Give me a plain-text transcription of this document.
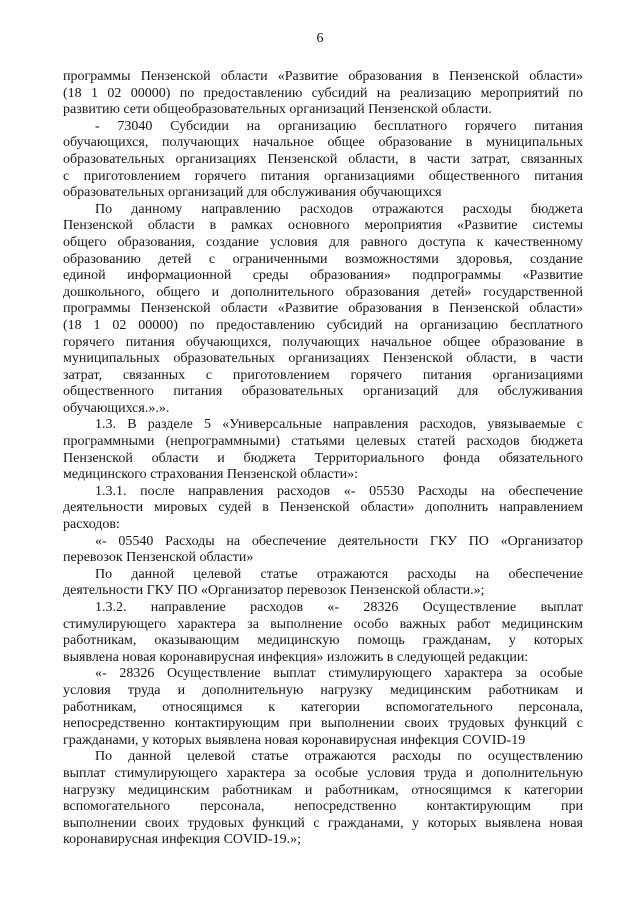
6
программы Пензенской области «Развитие образования в Пензенской области»
(18 1 02 00000) по предоставлению субсидий на реализацию мероприятий по
развитию сети общеобразовательных организаций Пензенской области.
- 73040 Субсидии на организацию бесплатного горячего питания
обучающихся, получающих начальное общее образование в муниципальных
образовательных организациях Пензенской области, в части затрат, связанных
с приготовлением горячего питания организациями общественного питания
образовательных организаций для обслуживания обучающихся
По данному направлению расходов отражаются расходы бюджета
Пензенской области в рамках основного мероприятия «Развитие системы
общего образования, создание условия для равного доступа к качественному
образованию детей с ограниченными возможностями здоровья, создание
единой информационной среды образования» подпрограммы «Развитие
дошкольного, общего и дополнительного образования детей» государственной
программы Пензенской области «Развитие образования в Пензенской области»
(18 1 02 00000) по предоставлению субсидий на организацию бесплатного
горячего питания обучающихся, получающих начальное общее образование в
муниципальных образовательных организациях Пензенской области, в части
затрат, связанных с приготовлением горячего питания организациями
общественного питания образовательных организаций для обслуживания
обучающихся.».».
1.3. В разделе 5 «Универсальные направления расходов, увязываемые с
программными (непрограммными) статьями целевых статей расходов бюджета
Пензенской области и бюджета Территориального фонда обязательного
медицинского страхования Пензенской области»:
1.3.1. после направления расходов «- 05530 Расходы на обеспечение
деятельности мировых судей в Пензенской области» дополнить направлением
расходов:
«- 05540 Расходы на обеспечение деятельности ГКУ ПО «Организатор
перевозок Пензенской области»
По данной целевой статье отражаются расходы на обеспечение
деятельности ГКУ ПО «Организатор перевозок Пензенской области.»;
1.3.2. направление расходов «- 28326 Осуществление выплат
стимулирующего характера за выполнение особо важных работ медицинским
работникам, оказывающим медицинскую помощь гражданам, у которых
выявлена новая коронавирусная инфекция» изложить в следующей редакции:
«- 28326 Осуществление выплат стимулирующего характера за особые
условия труда и дополнительную нагрузку медицинским работникам и
работникам, относящимся к категории вспомогательного персонала,
непосредственно контактирующим при выполнении своих трудовых функций с
гражданами, у которых выявлена новая коронавирусная инфекция COVID-19
По данной целевой статье отражаются расходы по осуществлению
выплат стимулирующего характера за особые условия труда и дополнительную
нагрузку медицинским работникам и работникам, относящимся к категории
вспомогательного персонала, непосредственно контактирующим при
выполнении своих трудовых функций с гражданами, у которых выявлена новая
коронавирусная инфекция COVID-19.»;
